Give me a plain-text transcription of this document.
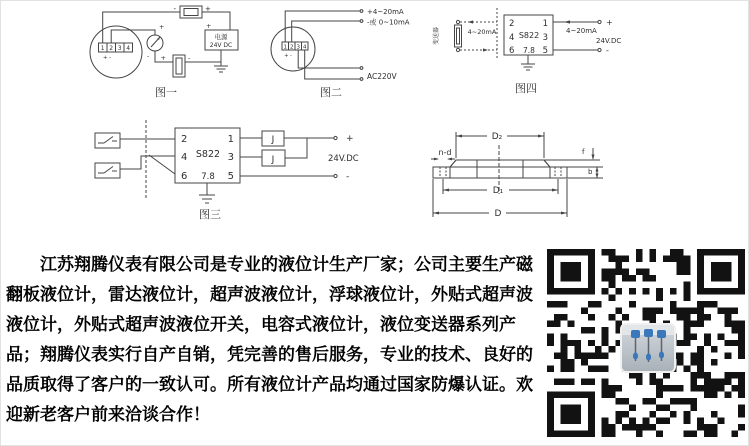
1 2 3 4
+ -
-	+
+
- +	-
电源
24V DC
+
图一
1 2 3 4
+ -
+4~20mA
-或 0~10mA
AC220V
图二
变送器	4~20mA
2	1
4 S822 3
6 7.8 5
4~20mA
+
-
24V.DC
图四
2	1
4 S822 3
6 7.8 5
J
J
+
-
24V.DC
图三
D₂
n-d
D₁
D
f
b
　　江苏翔腾仪表有限公司是专业的液位计生产厂家；公司主要生产磁
翻板液位计，雷达液位计，超声波液位计，浮球液位计，外贴式超声波
液位计，外贴式超声波液位开关，电容式液位计，液位变送器系列产
品；翔腾仪表实行自产自销，凭完善的售后服务，专业的技术、良好的
品质取得了客户的一致认可。所有液位计产品均通过国家防爆认证。欢
迎新老客户前来洽谈合作！
